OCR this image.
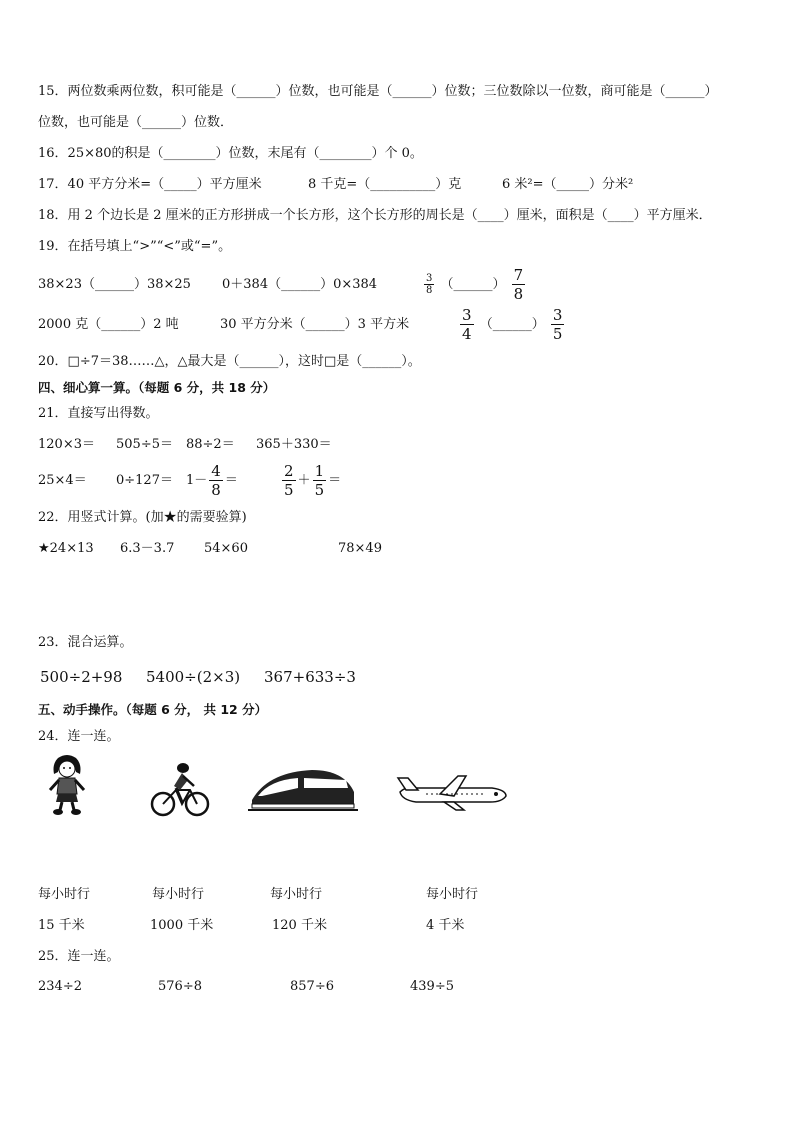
15．两位数乘两位数，积可能是（______）位数，也可能是（______）位数；三位数除以一位数，商可能是（______）
位数，也可能是（______）位数．
16．25×80的积是（________）位数，末尾有（________）个 0。
17．40 平方分米=（_____）平方厘米	8 千克=（__________）克	6 米²=（_____）分米²
18．用 2 个边长是 2 厘米的正方形拼成一个长方形，这个长方形的周长是（____）厘米，面积是（____）平方厘米．
19．在括号填上“>”“<”或“=”。
38×23（______）38×25 0＋384（______）0×384	$\frac{3}{8}$ （______） $\frac{7}{8}$
2000 克（______）2 吨	30 平方分米（______）3 平方米	$\frac{3}{4}$ （______） $\frac{3}{5}$
20．□÷7＝38……△，△最大是（______），这时□是（______）。
四、细心算一算。（每题 6 分，共 18 分）
21．直接写出得数。
120×3＝ 505÷5＝ 88÷2＝ 365＋330＝
$25\times 4= 0\div 127= 1- \frac{4}{8}$ ＝	$\frac{2}{5} + \frac{1}{5}$ ＝
22．用竖式计算。(加★的需要验算)
★24×13 6.3－3.7 54×60	78×49
23．混合运算。
500÷2+98 5400÷(2×3) 367+633÷3
五、动手操作。（每题 6 分， 共 12 分）
24．连一连。
每小时行	每小时行	每小时行	每小时行
15 千米	1000 千米	120 千米	4 千米
25．连一连。
234÷2	576÷8	857÷6	439÷5
